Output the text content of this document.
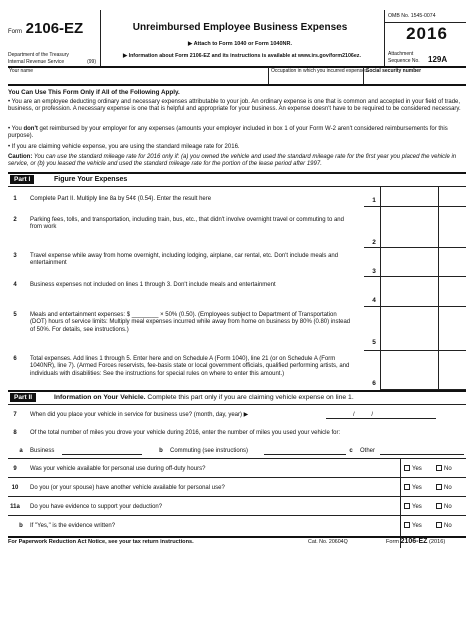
Form 2106-EZ
Department of the Treasury
Internal Revenue Service	(99)
Unreimbursed Employee Business Expenses
▶ Attach to Form 1040 or Form 1040NR.
▶ Information about Form 2106-EZ and its instructions is available at www.irs.gov/form2106ez.
OMB No. 1545-0074
2016
Attachment
Sequence No. 129A
Your name	Occupation in which you incurred expenses
Social security number
You Can Use This Form Only if All of the Following Apply.
• You are an employee deducting ordinary and necessary expenses attributable to your job. An ordinary expense is one that is common and accepted in your field of trade, business, or profession. A necessary expense is one that is helpful and appropriate for your business. An expense doesn't have to be required to be considered necessary.
• You don't get reimbursed by your employer for any expenses (amounts your employer included in box 1 of your Form W-2 aren't considered reimbursements for this purpose).
• If you are claiming vehicle expense, you are using the standard mileage rate for 2016.
Caution: You can use the standard mileage rate for 2016 only if: (a) you owned the vehicle and used the standard mileage rate for the first year you placed the vehicle in service, or (b) you leased the vehicle and used the standard mileage rate for the portion of the lease period after 1997.
Part I	Figure Your Expenses
1	Complete Part II. Multiply line 8a by 54¢ (0.54). Enter the result here	1
2	Parking fees, tolls, and transportation, including train, bus, etc., that didn't involve overnight travel or commuting to and from work
2
3	Travel expense while away from home overnight, including lodging, airplane, car rental, etc. Don't include meals and entertainment
3
4	Business expenses not included on lines 1 through 3. Don't include meals and entertainment
4
5	Meals and entertainment expenses: $ ________ × 50% (0.50). (Employees subject to Department of Transportation (DOT) hours of service limits: Multiply meal expenses incurred while away from home on business by 80% (0.80) instead of 50%. For details, see instructions.)
5
6	Total expenses. Add lines 1 through 5. Enter here and on Schedule A (Form 1040), line 21 (or on Schedule A (Form 1040NR), line 7). (Armed Forces reservists, fee-basis state or local government officials, qualified performing artists, and individuals with disabilities: See the instructions for special rules on where to enter this amount.)
6
Part II	Information on Your Vehicle. Complete this part only if you are claiming vehicle expense on line 1.
7	When did you place your vehicle in service for business use? (month, day, year) ▶	/          /
8	Of the total number of miles you drove your vehicle during 2016, enter the number of miles you used your vehicle for:
a	Business	b	Commuting (see instructions)	c	Other
9	Was your vehicle available for personal use during off-duty hours?	Yes	No
10	Do you (or your spouse) have another vehicle available for personal use?	Yes	No
11a	Do you have evidence to support your deduction?	Yes	No
b	If "Yes," is the evidence written?	Yes	No
For Paperwork Reduction Act Notice, see your tax return instructions.	Cat. No. 20604Q	Form 2106-EZ (2016)
